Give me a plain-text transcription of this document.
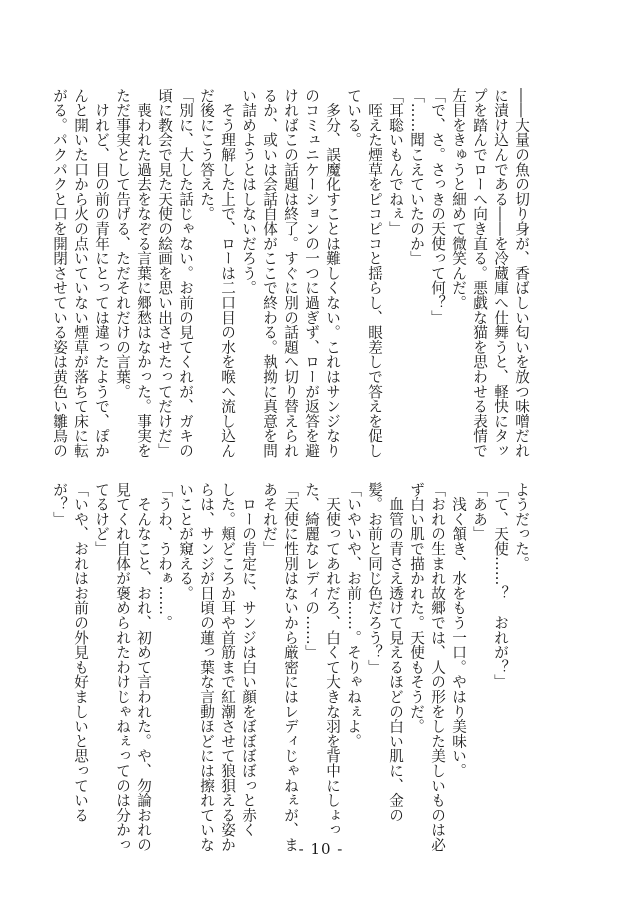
――大量の魚の切り身が、香ばしい匂いを放つ味噌だれ
に漬け込んである――を冷蔵庫へ仕舞うと、軽快にタッ
プを踏んでローへ向き直る。悪戯な猫を思わせる表情で
左目をきゅうと細めて微笑んだ。
「で、さ。さっきの天使って何？」
「……聞こえていたのか」
「耳聡いもんでねぇ」
　咥えた煙草をピコピコと揺らし、眼差しで答えを促し
ている。
　多分、誤魔化すことは難しくない。これはサンジなり
のコミュニケーションの一つに過ぎず、ローが返答を避
ければこの話題は終了。すぐに別の話題へ切り替えられ
るか、或いは会話自体がここで終わる。執拗に真意を問
い詰めようとはしないだろう。
　そう理解した上で、ローは二口目の水を喉へ流し込ん
だ後にこう答えた。
「別に、大した話じゃない。お前の見てくれが、ガキの
頃に教会で見た天使の絵画を思い出させたってだけだ」
　喪われた過去をなぞる言葉に郷愁はなかった。事実を
ただ事実として告げる、ただそれだけの言葉。
　けれど、目の前の青年にとっては違ったようで、ぽか
んと開いた口から火の点いていない煙草が落ちて床に転
がる。パクパクと口を開閉させている姿は黄色い雛鳥の
ようだった。
「て、天使……？　おれが？」
「ああ」
　浅く頷き、水をもう一口。やはり美味い。
「おれの生まれ故郷では、人の形をした美しいものは必
ず白い肌で描かれた。天使もそうだ。
　血管の青さえ透けて見えるほどの白い肌に、金の
髪。お前と同じ色だろう？」
「いやいや、お前……。そりゃねぇよ。
　天使ってあれだろ、白くて大きな羽を背中にしょっ
た、綺麗なレディの……」
「天使に性別はないから厳密にはレディじゃねぇが、ま
あそれだ」
　ローの肯定に、サンジは白い顔をぼぼぼぼっと赤く
した。頬どころか耳や首筋まで紅潮させて狼狽える姿か
らは、サンジが日頃の蓮っ葉な言動ほどには擦れていな
いことが窺える。
「うわ、うわぁ……。
　そんなこと、おれ、初めて言われた。や、勿論おれの
見てくれ自体が褒められたわけじゃねぇってのは分かっ
てるけど」
「いや、おれはお前の外見も好ましいと思っている
が？」
- 10 -
